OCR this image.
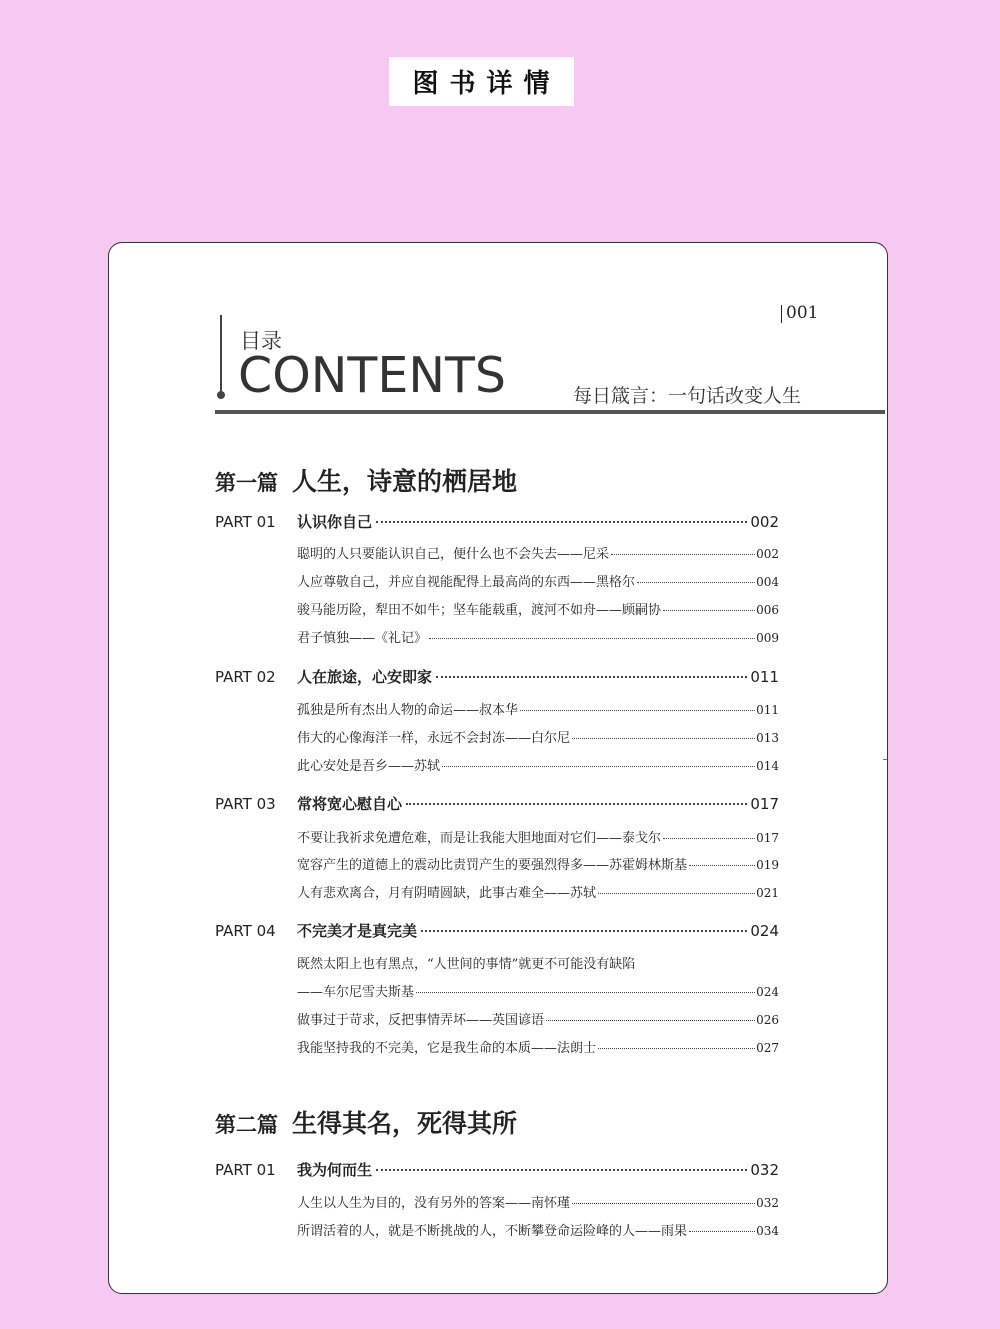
图书详情
001
目录
CONTENTS	每日箴言：一句话改变人生
第一篇 人生，诗意的栖居地
PART 01	认识你自己	002
聪明的人只要能认识自己，便什么也不会失去——尼采	002
人应尊敬自己，并应自视能配得上最高尚的东西——黑格尔	004
骏马能历险，犁田不如牛；坚车能载重，渡河不如舟——顾嗣协	006
君子慎独——《礼记》	009
PART 02	人在旅途，心安即家	011
孤独是所有杰出人物的命运——叔本华	011
伟大的心像海洋一样，永远不会封冻——白尔尼	013
此心安处是吾乡——苏轼	014
PART 03	常将宽心慰自心	017
不要让我祈求免遭危难，而是让我能大胆地面对它们——泰戈尔	017
宽容产生的道德上的震动比责罚产生的要强烈得多——苏霍姆林斯基	019
人有悲欢离合，月有阴晴圆缺，此事古难全——苏轼	021
PART 04	不完美才是真完美	024
既然太阳上也有黑点，“人世间的事情”就更不可能没有缺陷
——车尔尼雪夫斯基	024
做事过于苛求，反把事情弄坏——英国谚语	026
我能坚持我的不完美，它是我生命的本质——法朗士	027
第二篇 生得其名，死得其所
PART 01	我为何而生	032
人生以人生为目的，没有另外的答案——南怀瑾	032
所谓活着的人，就是不断挑战的人，不断攀登命运险峰的人——雨果	034
